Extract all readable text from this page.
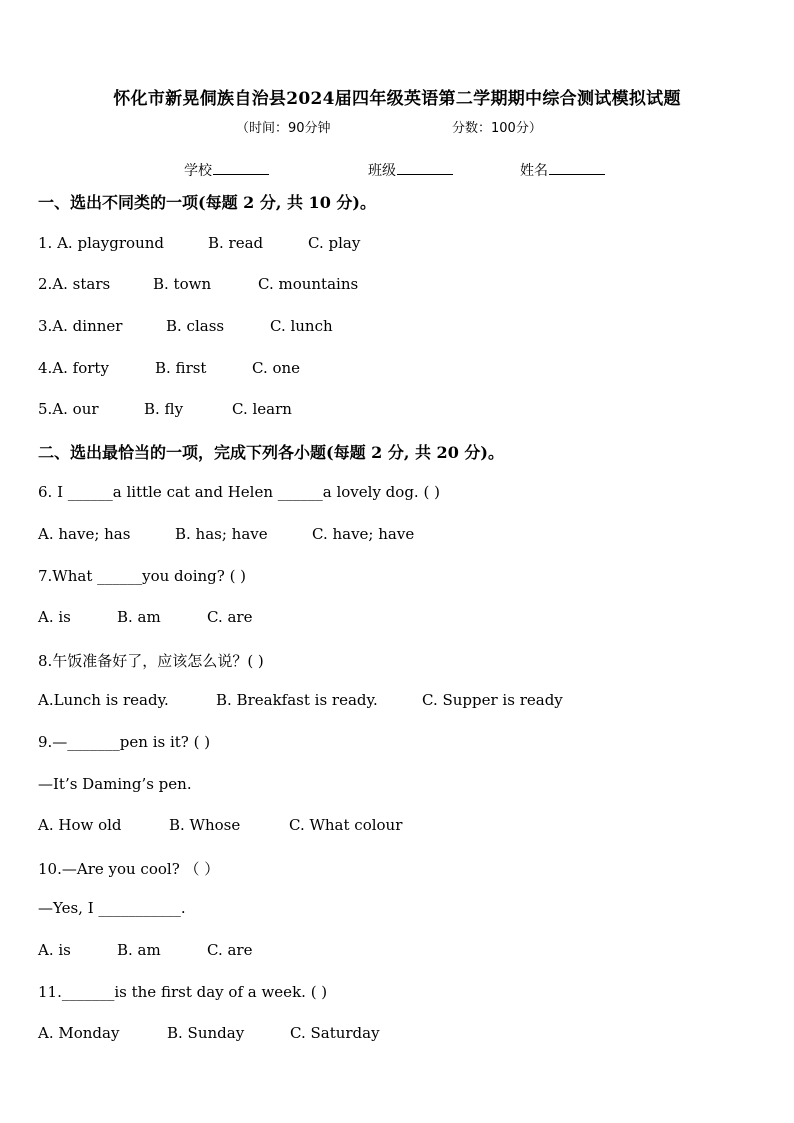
怀化市新晃侗族自治县2024届四年级英语第二学期期中综合测试模拟试题
（时间：90分钟	分数：100分）
学校	班级	姓名
一、选出不同类的一项(每题 2 分, 共 10 分)。
1. A. playground	B. read	C. play
2.A. stars	B. town	C. mountains
3.A. dinner	B. class	C. lunch
4.A. forty	B. first	C. one
5.A. our	B. fly	C. learn
二、选出最恰当的一项，完成下列各小题(每题 2 分, 共 20 分)。
6. I ______a little cat and Helen ______a lovely dog. ( )
A. have; has	B. has; have	C. have; have
7.What ______you doing? ( )
A. is	B. am	C. are
8.午饭准备好了，应该怎么说？( )
A.Lunch is ready.	B. Breakfast is ready.	C. Supper is ready
9.—_______pen is it? ( )
—It’s Daming’s pen.
A. How old	B. Whose	C. What colour
10.—Are you cool? （ ）
—Yes, I ___________.
A. is	B. am	C. are
11._______is the first day of a week. ( )
A. Monday	B. Sunday	C. Saturday
